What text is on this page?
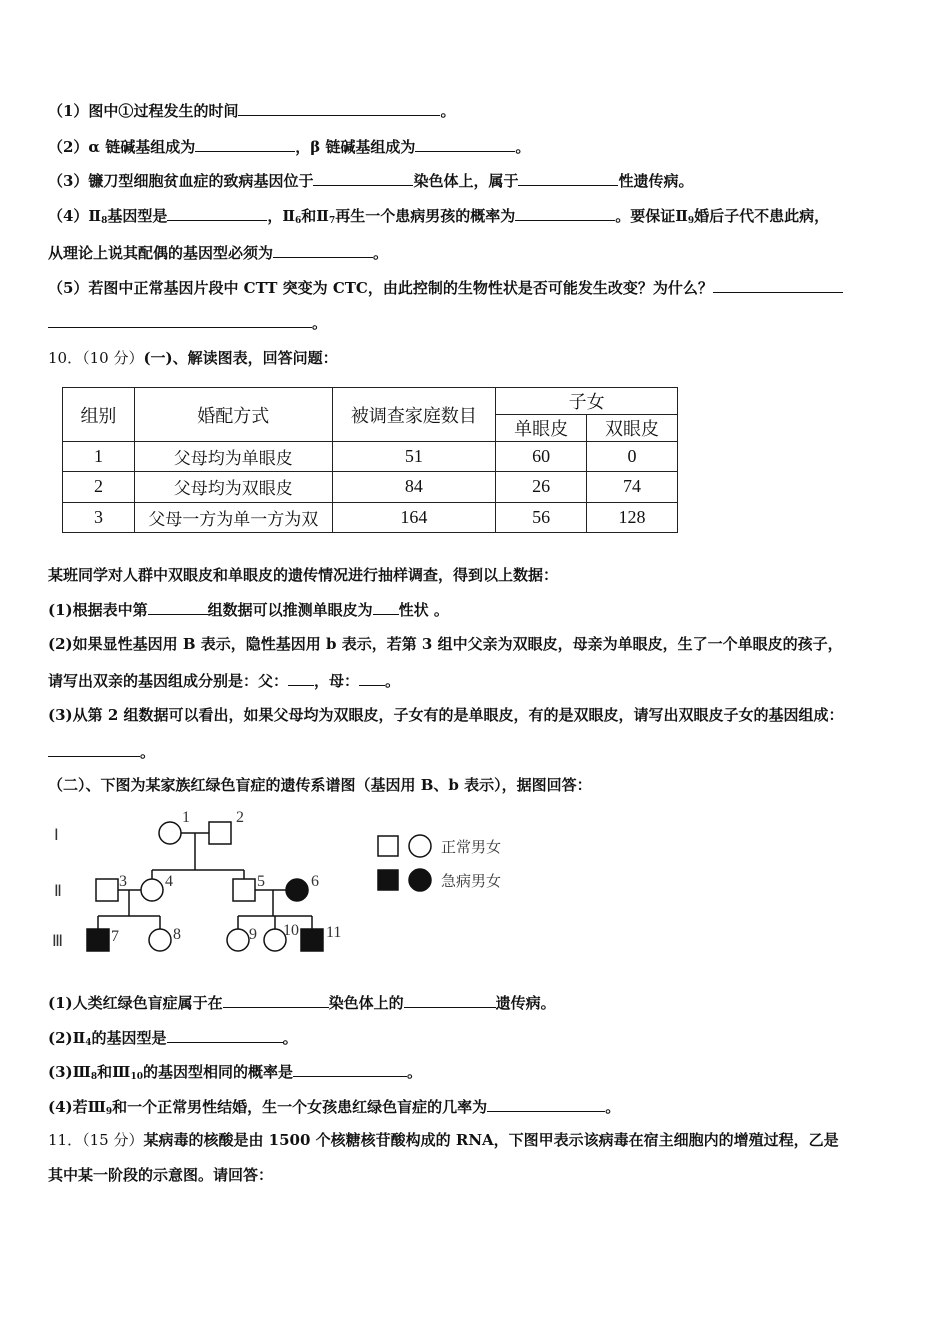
（1）图中①过程发生的时间	。
（2）α 链碱基组成为	，β 链碱基组成为	。
（3）镰刀型细胞贫血症的致病基因位于	染色体上，属于	性遗传病。
$(4)Ⅱ_8$基因型是	，$Ⅱ_6$和$Ⅱ_7$再生一个患病男孩的概率为	。要保证$Ⅱ_9$婚后子代不患此病，
从理论上说其配偶的基因型必须为	。
（5）若图中正常基因片段中 CTT 突变为 CTC，由此控制的生物性状是否可能发生改变？为什么？
。
10．（10 分）(一)、解读图表，回答问题：
组别	婚配方式	被调查家庭数目	子女	
			单眼皮	双眼皮
1	父母均为单眼皮	51	60	0
2	父母均为双眼皮	84	26	74
3	父母一方为单一方为双	164	56	128
某班同学对人群中双眼皮和单眼皮的遗传情况进行抽样调查，得到以上数据：
(1)根据表中第	组数据可以推测单眼皮为 性状 。
(2)如果显性基因用 B 表示，隐性基因用 b 表示，若第 3 组中父亲为双眼皮，母亲为单眼皮，生了一个单眼皮的孩子，
请写出双亲的基因组成分别是：父： ，母： 。
(3)从第 2 组数据可以看出，如果父母均为双眼皮，子女有的是单眼皮，有的是双眼皮，请写出双眼皮子女的基因组成：
。
（二）、下图为某家族红绿色盲症的遗传系谱图（基因用 B、b 表示），据图回答：
Ⅰ
Ⅱ
Ⅲ
1	2
3 4	5	6
7	8	9 10 11
正常男女
急病男女
(1)人类红绿色盲症属于在	染色体上的	遗传病。
$(2)Ⅱ_4$的基因型是	。
$(3)Ⅲ_8$和$Ⅲ_{10}$的基因型相同的概率是	。
(4)若$Ⅲ_9$和一个正常男性结婚，生一个女孩患红绿色盲症的几率为	。
11．（15 分）某病毒的核酸是由 1500 个核糖核苷酸构成的 RNA，下图甲表示该病毒在宿主细胞内的增殖过程，乙是
其中某一阶段的示意图。请回答：
